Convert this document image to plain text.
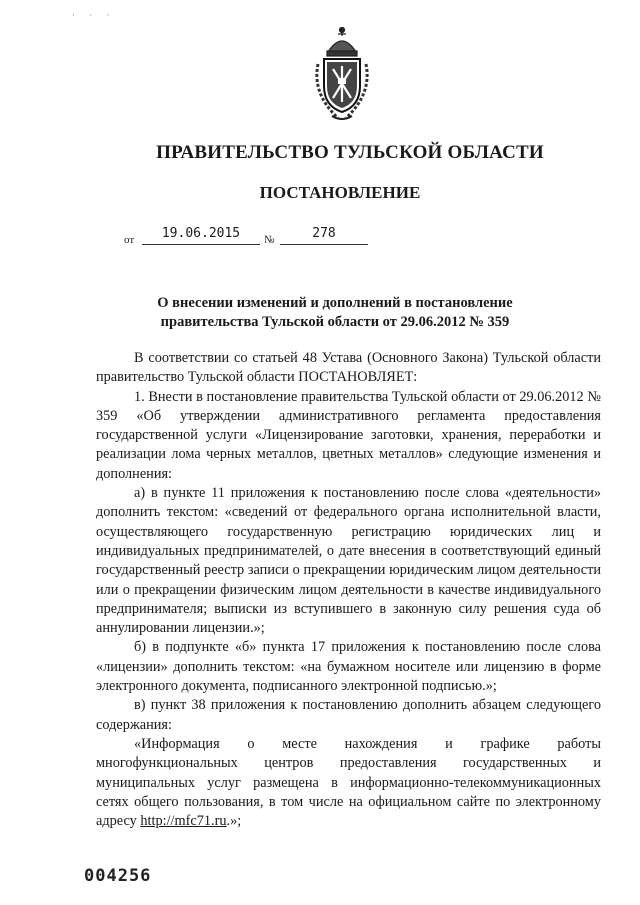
· · ·
ПРАВИТЕЛЬСТВО ТУЛЬСКОЙ ОБЛАСТИ
ПОСТАНОВЛЕНИЕ
от	19.06.2015	№	278
О внесении изменений и дополнений в постановление
правительства Тульской области от 29.06.2012 № 359

В соответствии со статьей 48 Устава (Основного Закона) Тульской области правительство Тульской области ПОСТАНОВЛЯЕТ:

1. Внести в постановление правительства Тульской области от 29.06.2012 № 359 «Об утверждении административного регламента предоставления государственной услуги «Лицензирование заготовки, хранения, переработки и реализации лома черных металлов, цветных металлов» следующие изменения и дополнения:

а) в пункте 11 приложения к постановлению после слова «деятельности» дополнить текстом: «сведений от федерального органа исполнительной власти, осуществляющего государственную регистрацию юридических лиц и индивидуальных предпринимателей, о дате внесения в соответствующий единый государственный реестр записи о прекращении юридическим лицом деятельности или о прекращении физическим лицом деятельности в качестве индивидуального предпринимателя; выписки из вступившего в законную силу решения суда об аннулировании лицензии.»;

б) в подпункте «б» пункта 17 приложения к постановлению после слова «лицензии» дополнить текстом: «на бумажном носителе или лицензию в форме электронного документа, подписанного электронной подписью.»;

в) пункт 38 приложения к постановлению дополнить абзацем следующего содержания:

«Информация о месте нахождения и графике работы многофункциональных центров предоставления государственных и муниципальных услуг размещена в информационно-телекоммуникационных сетях общего пользования, в том числе на официальном сайте по электронному адресу http://mfc71.ru.»;

004256
